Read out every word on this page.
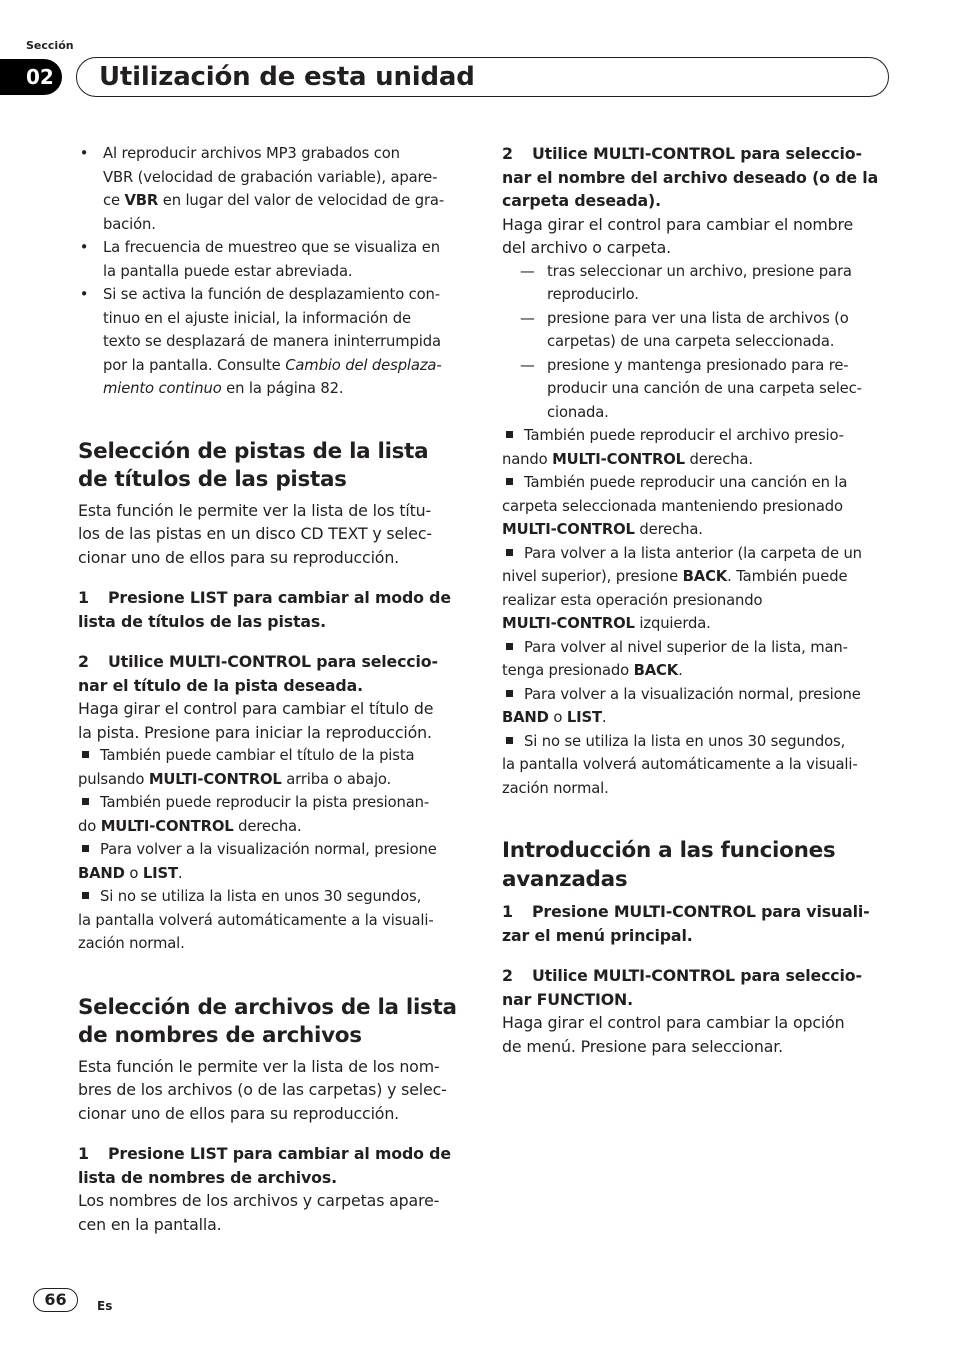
Sección
02	Utilización de esta unidad
• Al reproducir archivos MP3 grabados con
VBR (velocidad de grabación variable), apare-
ce VBR en lugar del valor de velocidad de gra-
bación.
• La frecuencia de muestreo que se visualiza en
la pantalla puede estar abreviada.
• Si se activa la función de desplazamiento con-
tinuo en el ajuste inicial, la información de
texto se desplazará de manera ininterrumpida
por la pantalla. Consulte Cambio del desplaza-
miento continuo en la página 82.
Selección de pistas de la lista
de títulos de las pistas
Esta función le permite ver la lista de los títu-
los de las pistas en un disco CD TEXT y selec-
cionar uno de ellos para su reproducción.
1 Presione LIST para cambiar al modo de
lista de títulos de las pistas.
2 Utilice MULTI-CONTROL para seleccio-
nar el título de la pista deseada.
Haga girar el control para cambiar el título de
la pista. Presione para iniciar la reproducción.
También puede cambiar el título de la pista
pulsando MULTI-CONTROL arriba o abajo.
También puede reproducir la pista presionan-
do MULTI-CONTROL derecha.
Para volver a la visualización normal, presione
BAND o LIST.
Si no se utiliza la lista en unos 30 segundos,
la pantalla volverá automáticamente a la visuali-
zación normal.
Selección de archivos de la lista
de nombres de archivos
Esta función le permite ver la lista de los nom-
bres de los archivos (o de las carpetas) y selec-
cionar uno de ellos para su reproducción.
1 Presione LIST para cambiar al modo de
lista de nombres de archivos.
Los nombres de los archivos y carpetas apare-
cen en la pantalla.
2 Utilice MULTI-CONTROL para seleccio-
nar el nombre del archivo deseado (o de la
carpeta deseada).
Haga girar el control para cambiar el nombre
del archivo o carpeta.
— tras seleccionar un archivo, presione para
reproducirlo.
— presione para ver una lista de archivos (o
carpetas) de una carpeta seleccionada.
— presione y mantenga presionado para re-
producir una canción de una carpeta selec-
cionada.
También puede reproducir el archivo presio-
nando MULTI-CONTROL derecha.
También puede reproducir una canción en la
carpeta seleccionada manteniendo presionado
MULTI-CONTROL derecha.
Para volver a la lista anterior (la carpeta de un
nivel superior), presione BACK. También puede
realizar esta operación presionando
MULTI-CONTROL izquierda.
Para volver al nivel superior de la lista, man-
tenga presionado BACK.
Para volver a la visualización normal, presione
BAND o LIST.
Si no se utiliza la lista en unos 30 segundos,
la pantalla volverá automáticamente a la visuali-
zación normal.
Introducción a las funciones
avanzadas
1 Presione MULTI-CONTROL para visuali-
zar el menú principal.
2 Utilice MULTI-CONTROL para seleccio-
nar FUNCTION.
Haga girar el control para cambiar la opción
de menú. Presione para seleccionar.
66	Es
